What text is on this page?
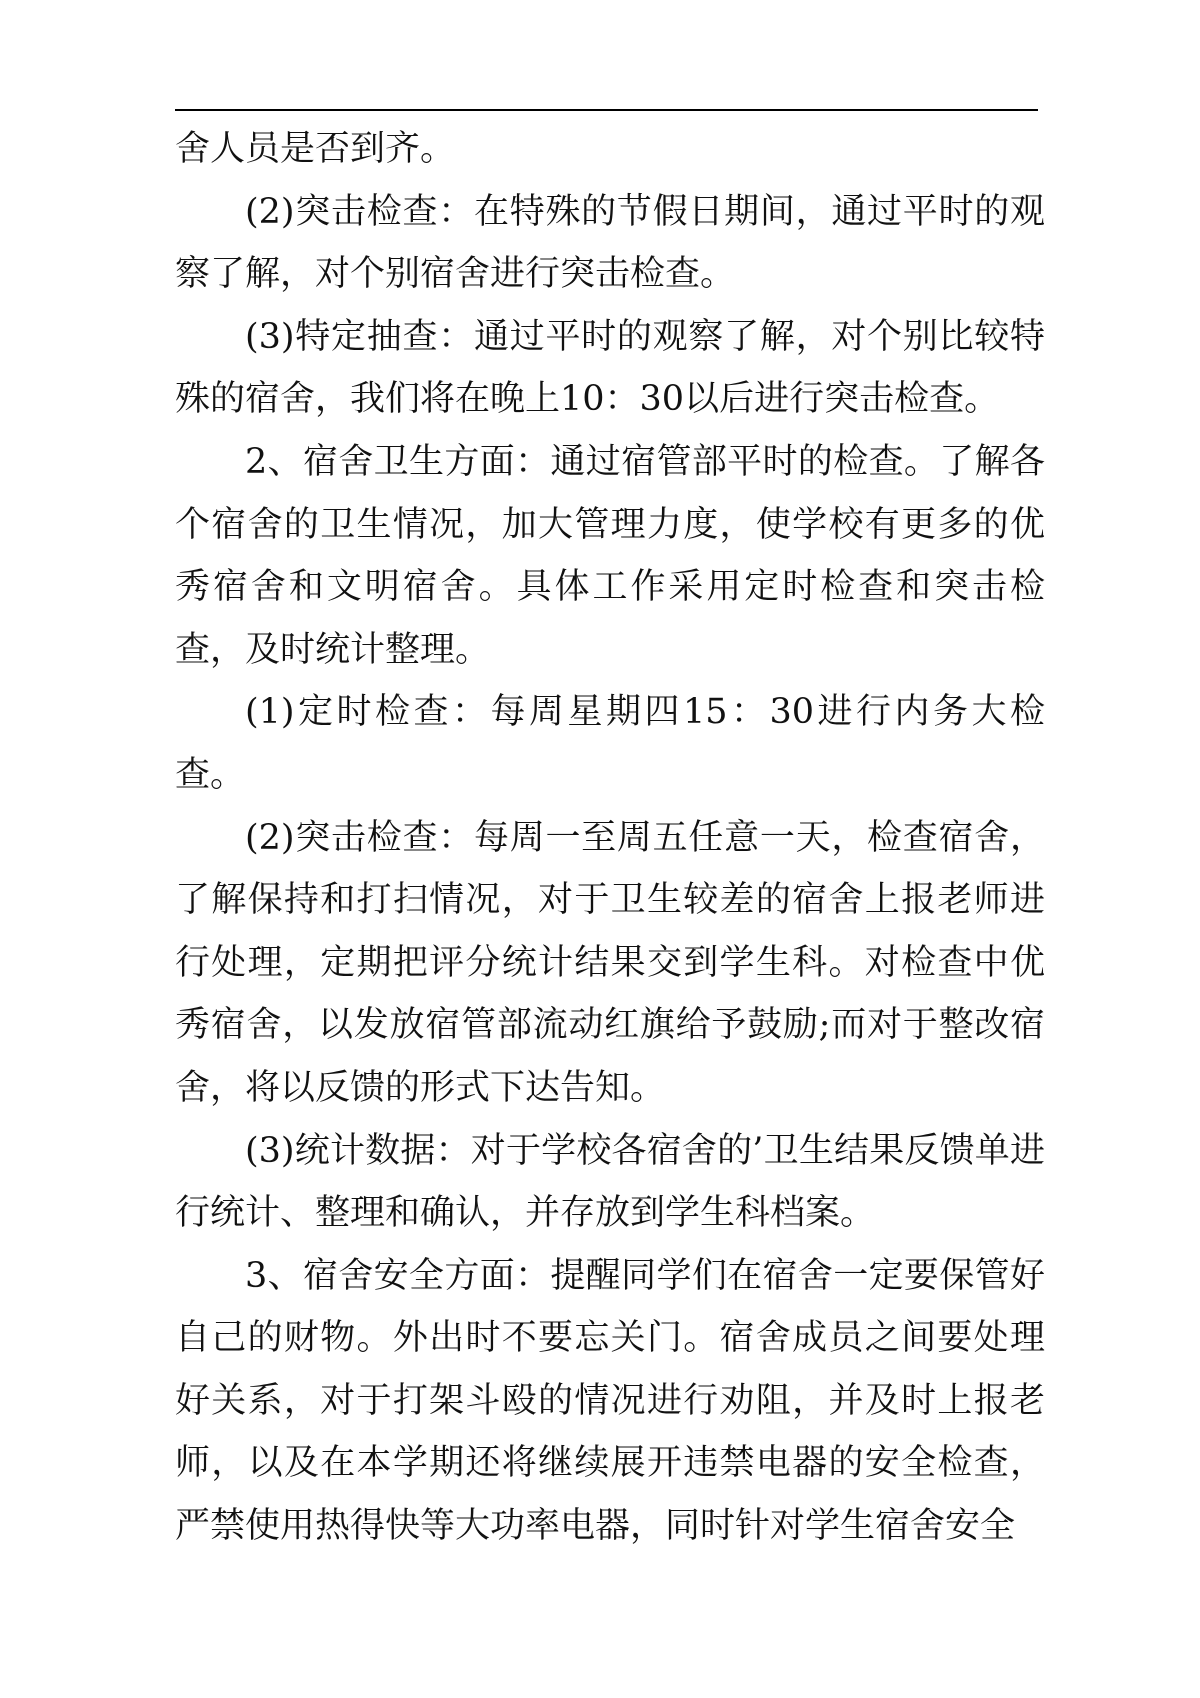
舍人员是否到齐。

(2)突击检查：在特殊的节假日期间，通过平时的观察了解，对个别宿舍进行突击检查。

(3)特定抽查：通过平时的观察了解，对个别比较特殊的宿舍，我们将在晚上10：30以后进行突击检查。

2、宿舍卫生方面：通过宿管部平时的检查。了解各个宿舍的卫生情况，加大管理力度，使学校有更多的优秀宿舍和文明宿舍。具体工作采用定时检查和突击检查，及时统计整理。

(1)定时检查：每周星期四15：30进行内务大检查。

(2)突击检查：每周一至周五任意一天，检查宿舍，了解保持和打扫情况，对于卫生较差的宿舍上报老师进行处理，定期把评分统计结果交到学生科。对检查中优秀宿舍，以发放宿管部流动红旗给予鼓励;而对于整改宿舍，将以反馈的形式下达告知。

(3)统计数据：对于学校各宿舍的’卫生结果反馈单进行统计、整理和确认，并存放到学生科档案。

3、宿舍安全方面：提醒同学们在宿舍一定要保管好自己的财物。外出时不要忘关门。宿舍成员之间要处理好关系，对于打架斗殴的情况进行劝阻，并及时上报老师，以及在本学期还将继续展开违禁电器的安全检查，严禁使用热得快等大功率电器，同时针对学生宿舍安全
